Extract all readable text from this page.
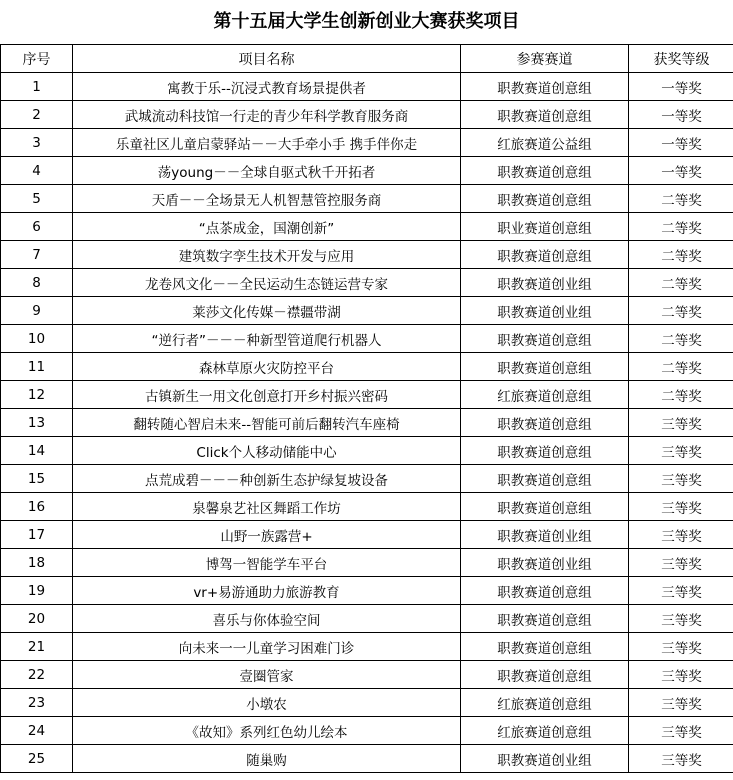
第十五届大学生创新创业大赛获奖项目
序号	项目名称	参赛赛道	获奖等级
1	寓教于乐--沉浸式教育场景提供者	职教赛道创意组	一等奖
2	武城流动科技馆一行走的青少年科学教育服务商	职教赛道创意组	一等奖
3	乐童社区儿童启蒙驿站－－大手牵小手 携手伴你走	红旅赛道公益组	一等奖
4	荡young－－全球自驱式秋千开拓者	职教赛道创意组	一等奖
5	天盾－－全场景无人机智慧管控服务商	职教赛道创意组	二等奖
6	“点茶成金，国潮创新”	职业赛道创意组	二等奖
7	建筑数字孪生技术开发与应用	职教赛道创意组	二等奖
8	龙卷风文化－－全民运动生态链运营专家	职教赛道创业组	二等奖
9	莱莎文化传媒－襟疆带湖	职教赛道创业组	二等奖
10	“逆行者”－－－种新型管道爬行机器人	职教赛道创意组	二等奖
11	森林草原火灾防控平台	职教赛道创意组	二等奖
12	古镇新生一用文化创意打开乡村振兴密码	红旅赛道创意组	二等奖
13	翻转随心智启未来--智能可前后翻转汽车座椅	职教赛道创意组	三等奖
14	Click个人移动储能中心	职教赛道创意组	三等奖
15	点荒成碧－－－种创新生态护绿复坡设备	职教赛道创意组	三等奖
16	泉馨泉艺社区舞蹈工作坊	职教赛道创意组	三等奖
17	山野一族露营+	职教赛道创业组	三等奖
18	博驾一智能学车平台	职教赛道创业组	三等奖
19	vr+易游通助力旅游教育	职教赛道创意组	三等奖
20	喜乐与你体验空间	职教赛道创意组	三等奖
21	向未来一一儿童学习困难门诊	职教赛道创意组	三等奖
22	壹圈管家	职教赛道创意组	三等奖
23	小墩农	红旅赛道创意组	三等奖
24	《故知》系列红色幼儿绘本	红旅赛道创意组	三等奖
25	随巢购	职教赛道创业组	三等奖
